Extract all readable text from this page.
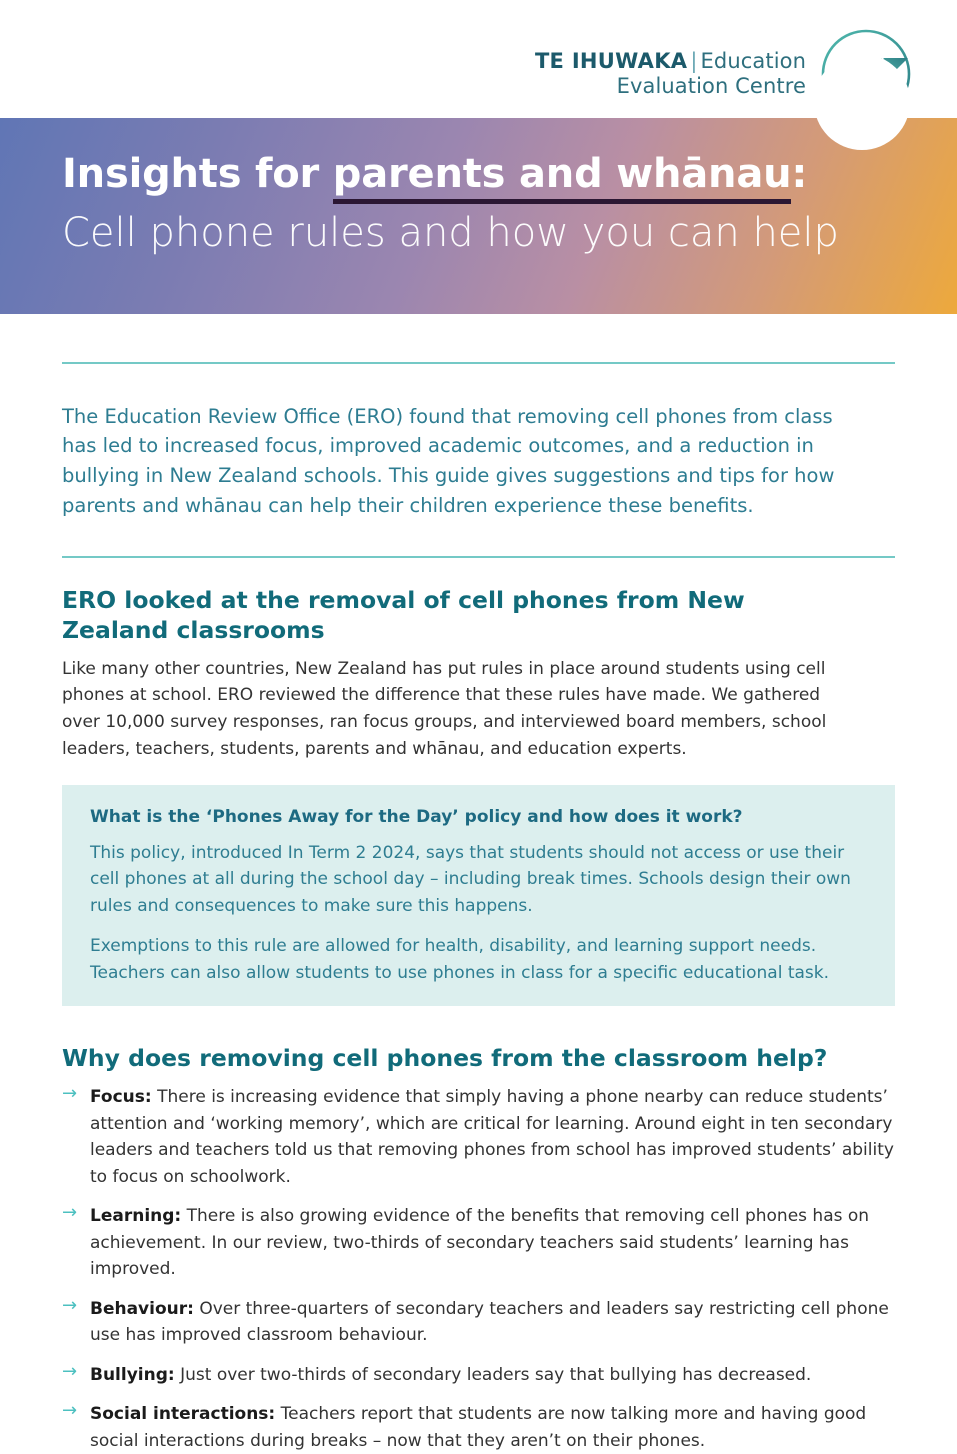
TE IHUWAKA | Education
Evaluation Centre
Insights for parents and whānau:
Cell phone rules and how you can help

The Education Review Office (ERO) found that removing cell phones from class has led to increased focus, improved academic outcomes, and a reduction in bullying in New Zealand schools. This guide gives suggestions and tips for how parents and whānau can help their children experience these benefits.

ERO looked at the removal of cell phones from New Zealand classrooms

Like many other countries, New Zealand has put rules in place around students using cell phones at school. ERO reviewed the difference that these rules have made. We gathered over 10,000 survey responses, ran focus groups, and interviewed board members, school leaders, teachers, students, parents and whānau, and education experts.

What is the ‘Phones Away for the Day’ policy and how does it work?

This policy, introduced In Term 2 2024, says that students should not access or use their cell phones at all during the school day – including break times. Schools design their own rules and consequences to make sure this happens.

Exemptions to this rule are allowed for health, disability, and learning support needs. Teachers can also allow students to use phones in class for a specific educational task.

Why does removing cell phones from the classroom help?
→ Focus: There is increasing evidence that simply having a phone nearby can reduce students’ attention and ‘working memory’, which are critical for learning. Around eight in ten secondary leaders and teachers told us that removing phones from school has improved students’ ability to focus on schoolwork.
→ Learning: There is also growing evidence of the benefits that removing cell phones has on achievement. In our review, two-thirds of secondary teachers said students’ learning has improved.
→ Behaviour: Over three-quarters of secondary teachers and leaders say restricting cell phone use has improved classroom behaviour.
→ Bullying: Just over two-thirds of secondary leaders say that bullying has decreased.
→ Social interactions: Teachers report that students are now talking more and having good social interactions during breaks – now that they aren’t on their phones.
